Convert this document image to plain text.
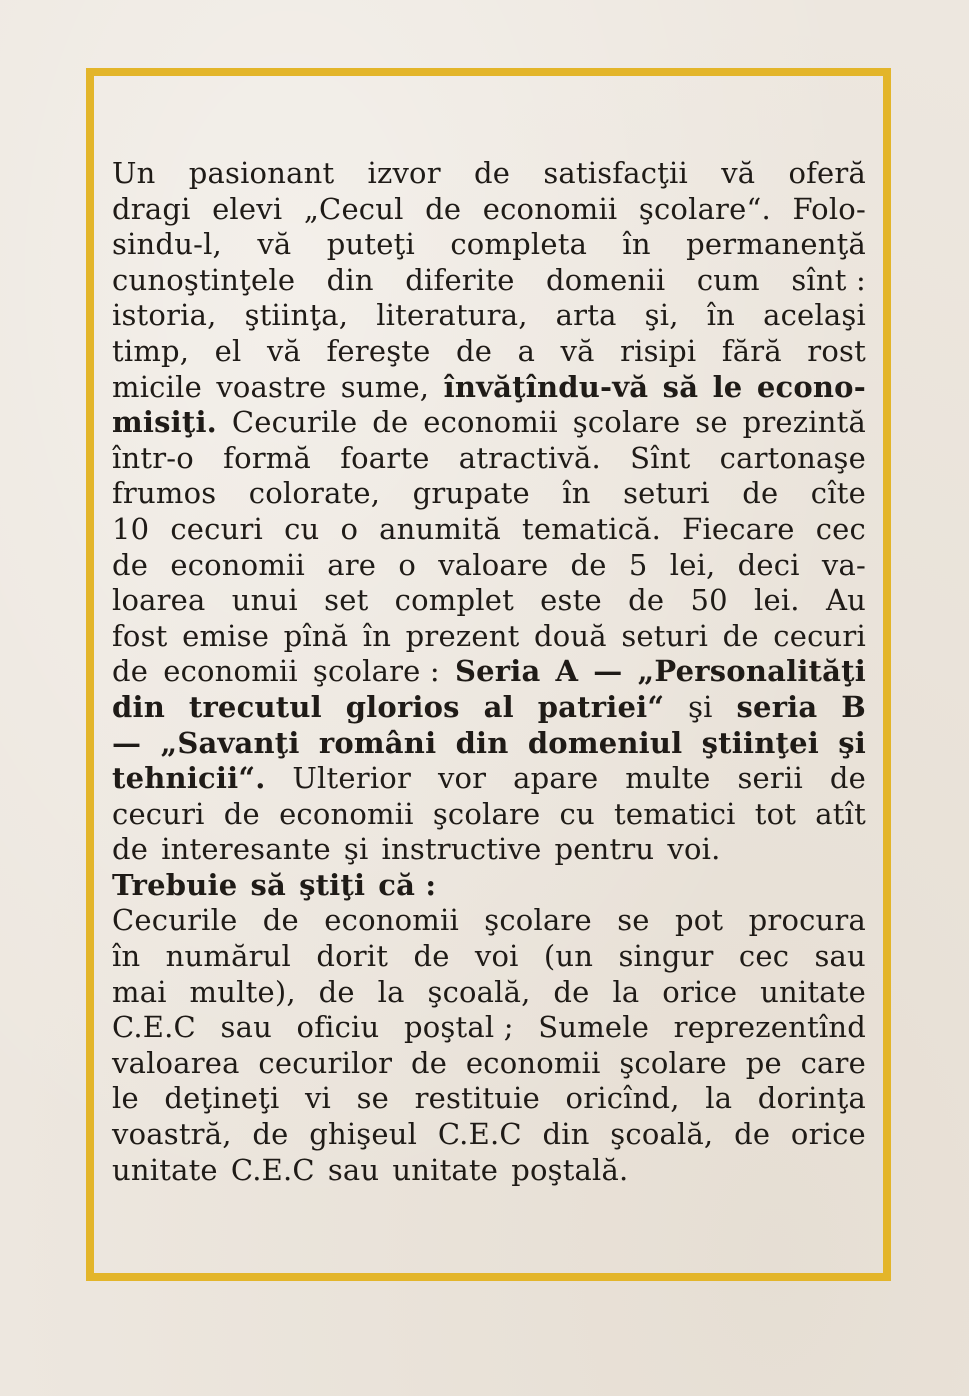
Un pasionant izvor de satisfacţii vă oferă
dragi elevi „Cecul de economii şcolare“. Folo-
sindu-l, vă puteţi completa în permanenţă
cunoştinţele din diferite domenii cum sînt :
istoria, ştiinţa, literatura, arta şi, în acelaşi
timp, el vă fereşte de a vă risipi fără rost
micile voastre sume, învăţîndu-vă să le econo-
misiţi. Cecurile de economii şcolare se prezintă
într-o formă foarte atractivă. Sînt cartonaşe
frumos colorate, grupate în seturi de cîte
10 cecuri cu o anumită tematică. Fiecare cec
de economii are o valoare de 5 lei, deci va-
loarea unui set complet este de 50 lei. Au
fost emise pînă în prezent două seturi de cecuri
de economii şcolare : Seria A — „Personalităţi
din trecutul glorios al patriei“ şi seria B
— „Savanţi români din domeniul ştiinţei şi
tehnicii“. Ulterior vor apare multe serii de
cecuri de economii şcolare cu tematici tot atît
de interesante şi instructive pentru voi.
Trebuie să ştiţi că :
Cecurile de economii şcolare se pot procura
în numărul dorit de voi (un singur cec sau
mai multe), de la şcoală, de la orice unitate
C.E.C sau oficiu poştal ; Sumele reprezentînd
valoarea cecurilor de economii şcolare pe care
le deţineţi vi se restituie oricînd, la dorinţa
voastră, de ghişeul C.E.C din şcoală, de orice
unitate C.E.C sau unitate poştală.
